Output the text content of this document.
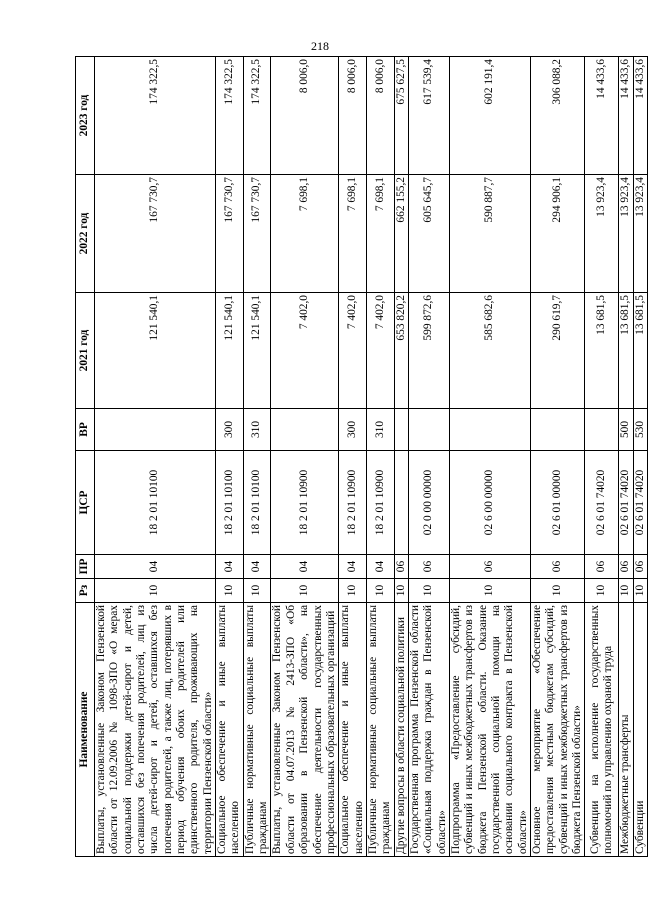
218
Наименование	Рз	ПР	ЦСР	ВР	2021 год	2022 год	2023 год
Выплаты, установленные Законом Пензенской области от 12.09.2006 № 1098-ЗПО «О мерах социальной поддержки детей-сирот и детей, оставшихся без попечения родителей, лиц из числа детей-сирот и детей, оставшихся без попечения родителей, а также лиц, потерявших в период обучения обоих родителей или единственного родителя, проживающих на территории Пензенской области»	10	04	18 2 01 10100		121 540,1	167 730,7	174 322,5
Социальное обеспечение и иные выплаты населению	10	04	18 2 01 10100	300	121 540,1	167 730,7	174 322,5
Публичные нормативные социальные выплаты гражданам	10	04	18 2 01 10100	310	121 540,1	167 730,7	174 322,5
Выплаты, установленные Законом Пензенской области от 04.07.2013 № 2413-ЗПО «Об образовании в Пензенской области», на обеспечение деятельности государственных профессиональных образовательных организаций	10	04	18 2 01 10900		7 402,0	7 698,1	8 006,0
Социальное обеспечение и иные выплаты населению	10	04	18 2 01 10900	300	7 402,0	7 698,1	8 006,0
Публичные нормативные социальные выплаты гражданам	10	04	18 2 01 10900	310	7 402,0	7 698,1	8 006,0
Другие вопросы в области социальной политики	10	06			653 820,2	662 155,2	675 627,5
Государственная программа Пензенской области «Социальная поддержка граждан в Пензенской области»	10	06	02 0 00 00000		599 872,6	605 645,7	617 539,4
Подпрограмма «Предоставление субсидий, субвенций и иных межбюджетных трансфертов из бюджета Пензенской области. Оказание государственной социальной помощи на основании социального контракта в Пензенской области»	10	06	02 6 00 00000		585 682,6	590 887,7	602 191,4
Основное мероприятие «Обеспечение предоставления местным бюджетам субсидий, субвенций и иных межбюджетных трансфертов из бюджета Пензенской области»	10	06	02 6 01 00000		290 619,7	294 906,1	306 088,2
Субвенции на исполнение государственных полномочий по управлению охраной труда	10	06	02 6 01 74020		13 681,5	13 923,4	14 433,6
Межбюджетные трансферты	10	06	02 6 01 74020	500	13 681,5	13 923,4	14 433,6
Субвенции	10	06	02 6 01 74020	530	13 681,5	13 923,4	14 433,6
